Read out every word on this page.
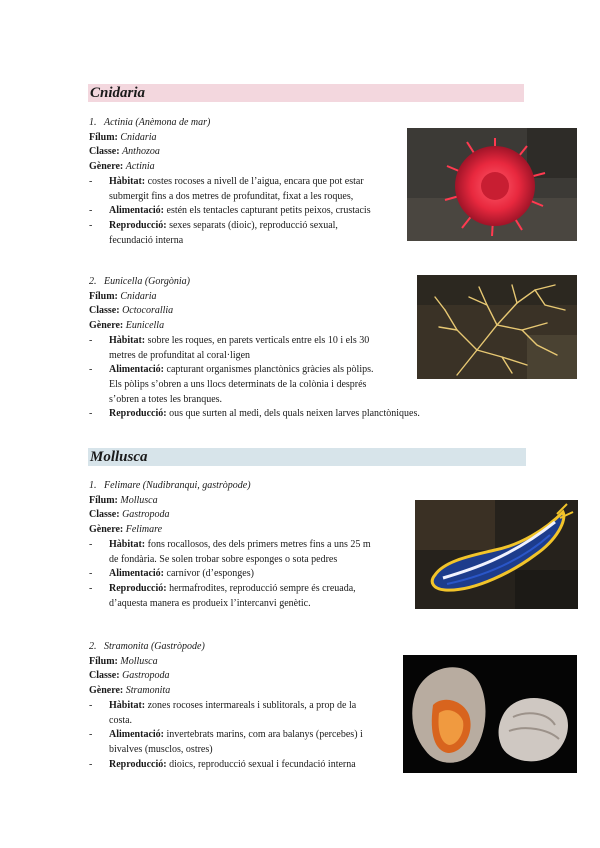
Cnidaria
1. Actinia (Anèmona de mar)
Fílum: Cnidaria
Classe: Anthozoa
Gènere: Actinia
- Hàbitat: costes rocoses a nivell de l’aigua, encara que pot estar
submergit fins a dos metres de profunditat, fixat a les roques,
- Alimentació: estén els tentacles capturant petits peixos, crustacis
- Reproducció: sexes separats (dioic), reproducció sexual,
fecundació interna
2. Eunicella (Gorgònia)
Fílum: Cnidaria
Classe: Octocorallia
Gènere: Eunicella
- Hàbitat: sobre les roques, en parets verticals entre els 10 i els 30
metres de profunditat al coral·ligen
- Alimentació: capturant organismes planctònics gràcies als pòlips.
Els pòlips s’obren a uns llocs determinats de la colònia i després
s’obren a totes les branques.
- Reproducció: ous que surten al medi, dels quals neixen larves planctòniques.
Mollusca
1. Felimare (Nudibranqui, gastròpode)
Fílum: Mollusca
Classe: Gastropoda
Gènere: Felimare
- Hàbitat: fons rocallosos, des dels primers metres fins a uns 25 m
de fondària. Se solen trobar sobre esponges o sota pedres
- Alimentació: carnívor (d’esponges)
- Reproducció: hermafrodites, reproducció sempre és creuada,
d’aquesta manera es produeix l’intercanvi genètic.
2. Stramonita (Gastròpode)
Fílum: Mollusca
Classe: Gastropoda
Gènere: Stramonita
- Hàbitat: zones rocoses intermareals i sublitorals, a prop de la
costa.
- Alimentació: invertebrats marins, com ara balanys (percebes) i
bivalves (musclos, ostres)
- Reproducció: dioics, reproducció sexual i fecundació interna
